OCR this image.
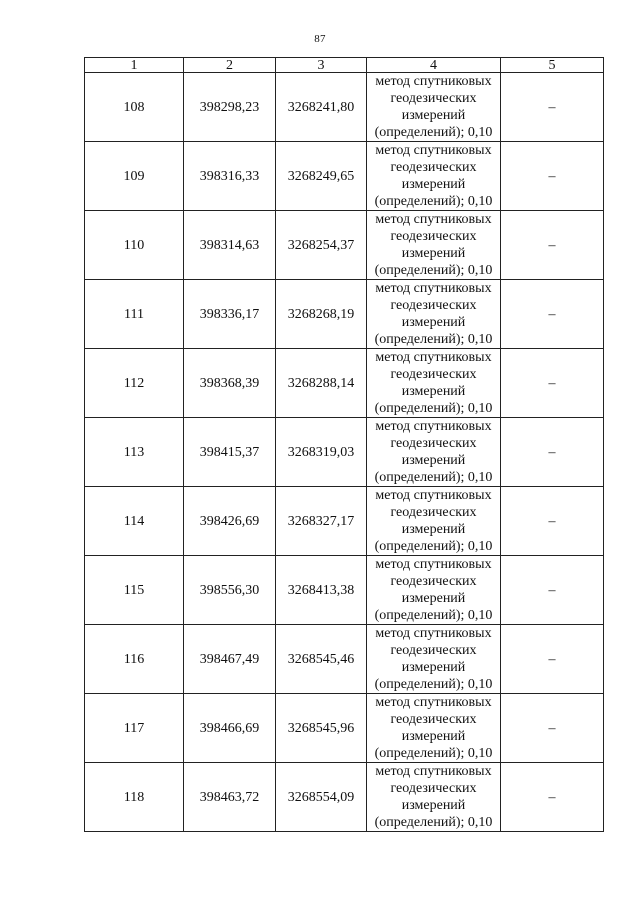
87
1	2	3	4	5
108	398298,23	3268241,80	метод спутниковых
геодезических
измерений
(определений); 0,10	–
109	398316,33	3268249,65	метод спутниковых
геодезических
измерений
(определений); 0,10	–
110	398314,63	3268254,37	метод спутниковых
геодезических
измерений
(определений); 0,10	–
111	398336,17	3268268,19	метод спутниковых
геодезических
измерений
(определений); 0,10	–
112	398368,39	3268288,14	метод спутниковых
геодезических
измерений
(определений); 0,10	–
113	398415,37	3268319,03	метод спутниковых
геодезических
измерений
(определений); 0,10	–
114	398426,69	3268327,17	метод спутниковых
геодезических
измерений
(определений); 0,10	–
115	398556,30	3268413,38	метод спутниковых
геодезических
измерений
(определений); 0,10	–
116	398467,49	3268545,46	метод спутниковых
геодезических
измерений
(определений); 0,10	–
117	398466,69	3268545,96	метод спутниковых
геодезических
измерений
(определений); 0,10	–
118	398463,72	3268554,09	метод спутниковых
геодезических
измерений
(определений); 0,10	–
